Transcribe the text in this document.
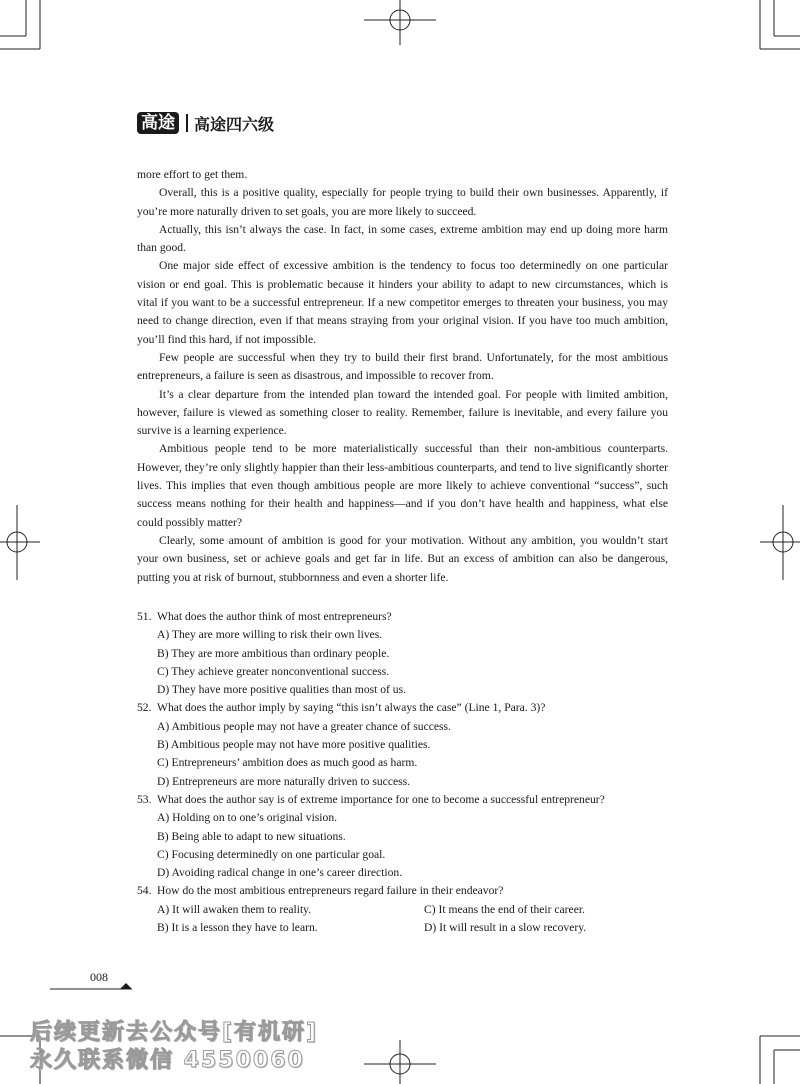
高途 高途四六级

more effort to get them.

Overall, this is a positive quality, especially for people trying to build their own businesses. Apparently, if you’re more naturally driven to set goals, you are more likely to succeed.

Actually, this isn’t always the case. In fact, in some cases, extreme ambition may end up doing more harm than good.

One major side effect of excessive ambition is the tendency to focus too determinedly on one particular vision or end goal. This is problematic because it hinders your ability to adapt to new circumstances, which is vital if you want to be a successful entrepreneur. If a new competitor emerges to threaten your business, you may need to change direction, even if that means straying from your original vision. If you have too much ambition, you’ll find this hard, if not impossible.

Few people are successful when they try to build their first brand. Unfortunately, for the most ambitious entrepreneurs, a failure is seen as disastrous, and impossible to recover from.

It’s a clear departure from the intended plan toward the intended goal. For people with limited ambition, however, failure is viewed as something closer to reality. Remember, failure is inevitable, and every failure you survive is a learning experience.

Ambitious people tend to be more materialistically successful than their non-ambitious counterparts. However, they’re only slightly happier than their less-ambitious counterparts, and tend to live significantly shorter lives. This implies that even though ambitious people are more likely to achieve conventional “success”, such success means nothing for their health and happiness—and if you don’t have health and happiness, what else could possibly matter?

Clearly, some amount of ambition is good for your motivation. Without any ambition, you wouldn’t start your own business, set or achieve goals and get far in life. But an excess of ambition can also be dangerous, putting you at risk of burnout, stubbornness and even a shorter life.

51. What does the author think of most entrepreneurs?
A) They are more willing to risk their own lives.
B) They are more ambitious than ordinary people.
C) They achieve greater nonconventional success.
D) They have more positive qualities than most of us.
52. What does the author imply by saying “this isn’t always the case” (Line 1, Para. 3)?
A) Ambitious people may not have a greater chance of success.
B) Ambitious people may not have more positive qualities.
C) Entrepreneurs’ ambition does as much good as harm.
D) Entrepreneurs are more naturally driven to success.
53. What does the author say is of extreme importance for one to become a successful entrepreneur?
A) Holding on to one’s original vision.
B) Being able to adapt to new situations.
C) Focusing determinedly on one particular goal.
D) Avoiding radical change in one’s career direction.
54. How do the most ambitious entrepreneurs regard failure in their endeavor?
A) It will awaken them to reality.	C) It means the end of their career.
B) It is a lesson they have to learn.	D) It will result in a slow recovery.
008
后续更新去公众号[有机研]
永久联系微信 4550060
